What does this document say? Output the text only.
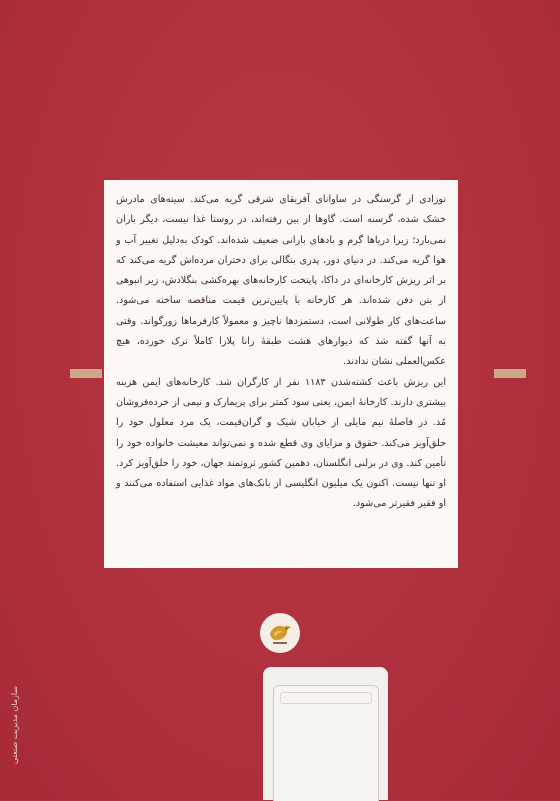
نوزادی از گرسنگی در ساوانای آفریقای شرقی گریه می‌کند. سینه‌های مادرش خشک شده، گرسنه است. گاوها از بین رفته‌اند، در روستا غذا نیست، دیگر باران نمی‌بارد؛ زیرا دریاها گرم و بادهای بارانی ضعیف شده‌اند. کودک به‌دلیل تغییر آب و هوا گریه می‌کند. در دنیای دور، پدری بنگالی برای دختران مرده‌اش گریه می‌کند که بر اثر ریزش کارخانه‌ای در داکا، پایتخت کارخانه‌های بهره‌کشی بنگلادش، زیر انبوهی از بتن دفن شده‌اند. هر کارخانه با پایین‌ترین قیمت مناقصه ساخته می‌شود. ساعت‌های کار طولانی است، دستمزدها ناچیز و معمولاً کارفرماها زورگواند. وقتی به آنها گفته شد که دیوارهای هشت طبقهٔ رانا پلازا کاملاً ترک خورده، هیچ عکس‌العملی نشان ندادند.

این ریزش باعث کشته‌شدن ۱۱۸۳ نفر از کارگران شد. کارخانه‌های ایمن هزینه بیشتری دارند. کارخانهٔ ایمن، یعنی سود کمتر برای پریمارک و نیمی از خرده‌فروشان مُد. در فاصلهٔ نیم مایلی از خیابان شیک و گران‌قیمت، یک مرد معلول خود را حلق‌آویز می‌کند. حقوق و مزایای وی قطع شده و نمی‌تواند معیشت خانواده خود را تأمین کند. وی در برلنی انگلستان، دهمین کشور ثروتمند جهان، خود را حلق‌آویز کرد. او تنها نیست. اکنون یک میلیون انگلیسی از بانک‌های مواد غذایی استفاده می‌کنند و او فقیر فقیرتر می‌شود.

سازمان مدیریت صنعتی
